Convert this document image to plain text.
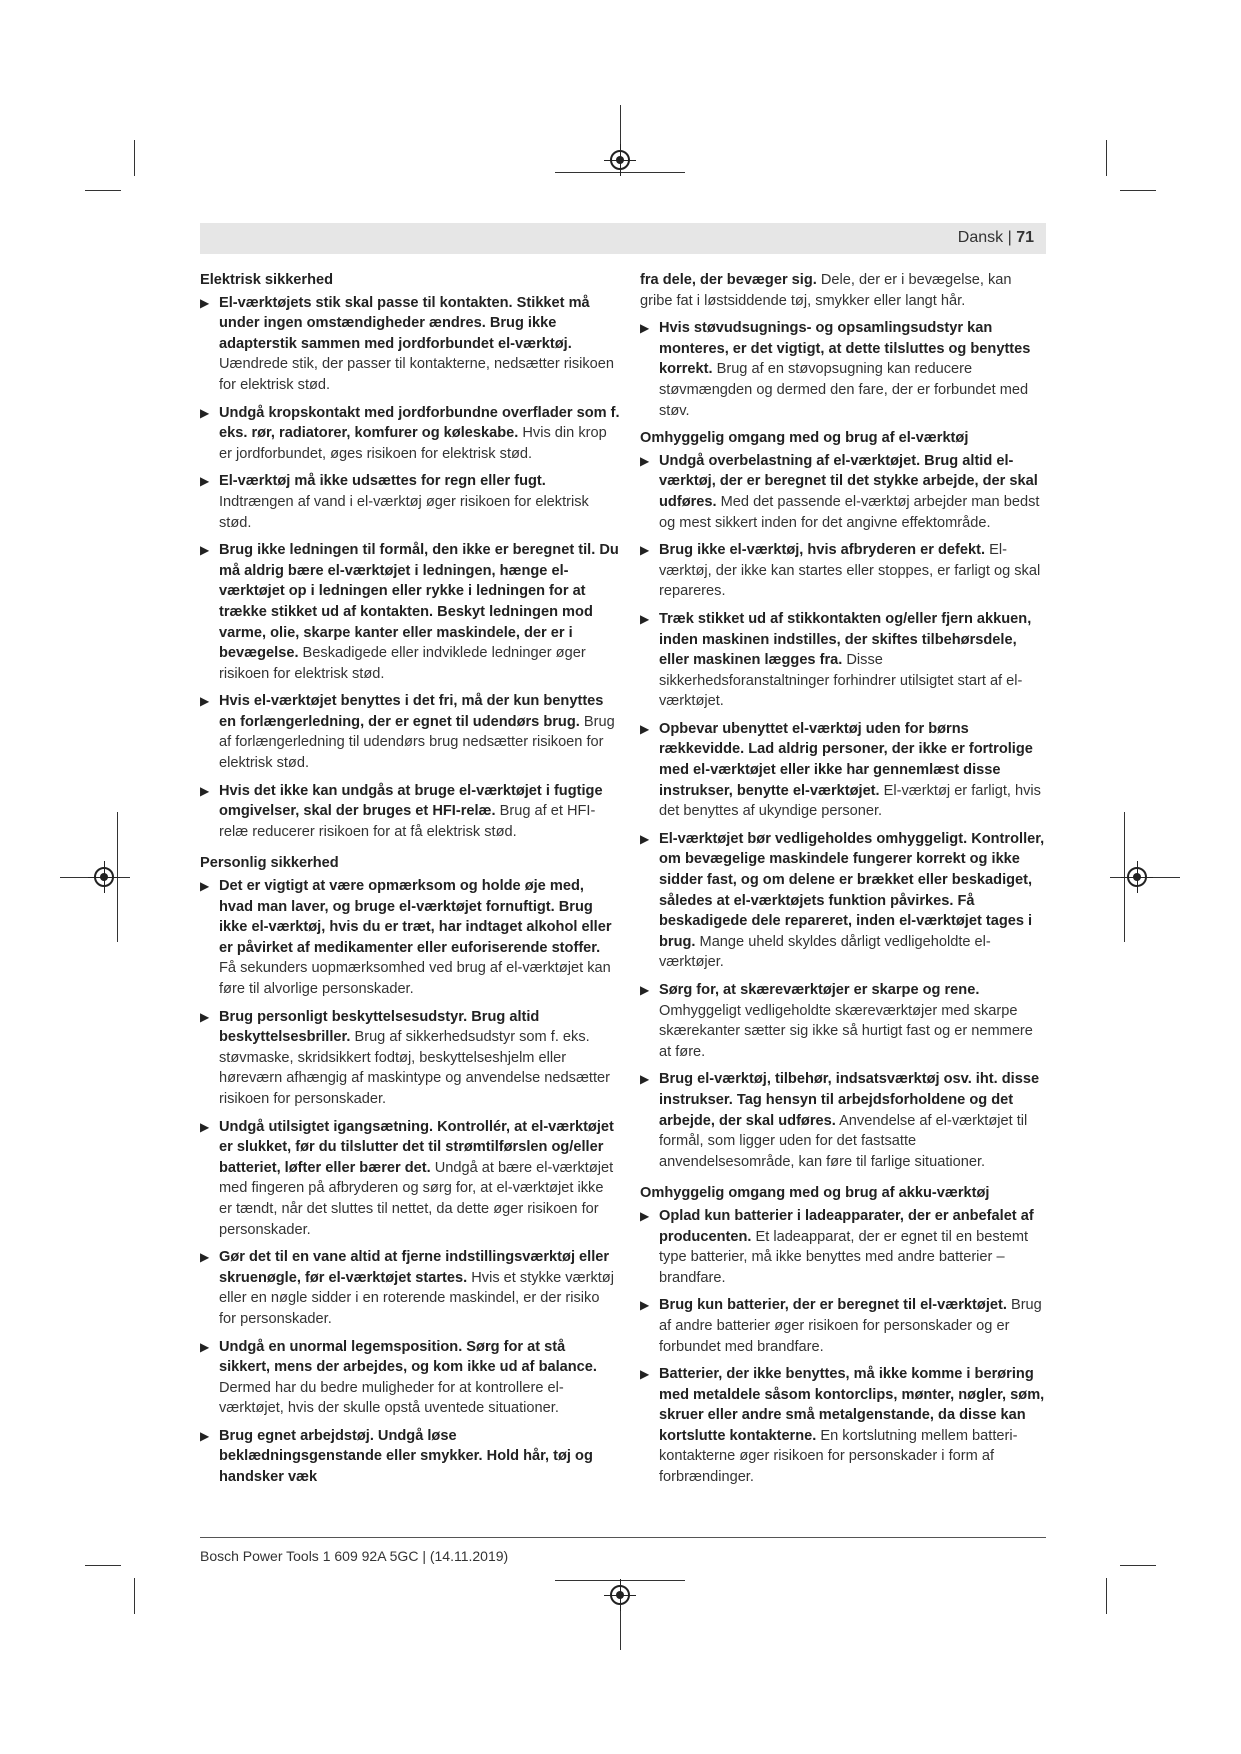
Dansk | 71
Elektrisk sikkerhed
▶ El-værktøjets stik skal passe til kontakten. Stikket må under ingen omstændigheder ændres. Brug ikke adapterstik sammen med jordforbundet el-værktøj. Uændrede stik, der passer til kontakterne, nedsætter risikoen for elektrisk stød.
▶ Undgå kropskontakt med jordforbundne overflader som f. eks. rør, radiatorer, komfurer og køleskabe. Hvis din krop er jordforbundet, øges risikoen for elektrisk stød.
▶ El-værktøj må ikke udsættes for regn eller fugt. Indtrængen af vand i el-værktøj øger risikoen for elektrisk stød.
▶ Brug ikke ledningen til formål, den ikke er beregnet til. Du må aldrig bære el-værktøjet i ledningen, hænge el-værktøjet op i ledningen eller rykke i ledningen for at trække stikket ud af kontakten. Beskyt ledningen mod varme, olie, skarpe kanter eller maskindele, der er i bevægelse. Beskadigede eller indviklede ledninger øger risikoen for elektrisk stød.
▶ Hvis el-værktøjet benyttes i det fri, må der kun benyttes en forlængerledning, der er egnet til udendørs brug. Brug af forlængerledning til udendørs brug nedsætter risikoen for elektrisk stød.
▶ Hvis det ikke kan undgås at bruge el-værktøjet i fugtige omgivelser, skal der bruges et HFI-relæ. Brug af et HFI-relæ reducerer risikoen for at få elektrisk stød.
Personlig sikkerhed
▶ Det er vigtigt at være opmærksom og holde øje med, hvad man laver, og bruge el-værktøjet fornuftigt. Brug ikke el-værktøj, hvis du er træt, har indtaget alkohol eller er påvirket af medikamenter eller euforiserende stoffer. Få sekunders uopmærksomhed ved brug af el-værktøjet kan føre til alvorlige personskader.
▶ Brug personligt beskyttelsesudstyr. Brug altid beskyttelsesbriller. Brug af sikkerhedsudstyr som f. eks. støvmaske, skridsikkert fodtøj, beskyttelseshjelm eller høreværn afhængig af maskintype og anvendelse nedsætter risikoen for personskader.
▶ Undgå utilsigtet igangsætning. Kontrollér, at el-værktøjet er slukket, før du tilslutter det til strømtilførslen og/eller batteriet, løfter eller bærer det. Undgå at bære el-værktøjet med fingeren på afbryderen og sørg for, at el-værktøjet ikke er tændt, når det sluttes til nettet, da dette øger risikoen for personskader.
▶ Gør det til en vane altid at fjerne indstillingsværktøj eller skruenøgle, før el-værktøjet startes. Hvis et stykke værktøj eller en nøgle sidder i en roterende maskindel, er der risiko for personskader.
▶ Undgå en unormal legemsposition. Sørg for at stå sikkert, mens der arbejdes, og kom ikke ud af balance. Dermed har du bedre muligheder for at kontrollere el-værktøjet, hvis der skulle opstå uventede situationer.
▶ Brug egnet arbejdstøj. Undgå løse beklædningsgenstande eller smykker. Hold hår, tøj og handsker væk
fra dele, der bevæger sig. Dele, der er i bevægelse, kan gribe fat i løstsiddende tøj, smykker eller langt hår.
▶ Hvis støvudsugnings- og opsamlingsudstyr kan monteres, er det vigtigt, at dette tilsluttes og benyttes korrekt. Brug af en støvopsugning kan reducere støvmængden og dermed den fare, der er forbundet med støv.
Omhyggelig omgang med og brug af el-værktøj
▶ Undgå overbelastning af el-værktøjet. Brug altid el-værktøj, der er beregnet til det stykke arbejde, der skal udføres. Med det passende el-værktøj arbejder man bedst og mest sikkert inden for det angivne effektområde.
▶ Brug ikke el-værktøj, hvis afbryderen er defekt. El-værktøj, der ikke kan startes eller stoppes, er farligt og skal repareres.
▶ Træk stikket ud af stikkontakten og/eller fjern akkuen, inden maskinen indstilles, der skiftes tilbehørsdele, eller maskinen lægges fra. Disse sikkerhedsforanstaltninger forhindrer utilsigtet start af el-værktøjet.
▶ Opbevar ubenyttet el-værktøj uden for børns rækkevidde. Lad aldrig personer, der ikke er fortrolige med el-værktøjet eller ikke har gennemlæst disse instrukser, benytte el-værktøjet. El-værktøj er farligt, hvis det benyttes af ukyndige personer.
▶ El-værktøjet bør vedligeholdes omhyggeligt. Kontroller, om bevægelige maskindele fungerer korrekt og ikke sidder fast, og om delene er brækket eller beskadiget, således at el-værktøjets funktion påvirkes. Få beskadigede dele repareret, inden el-værktøjet tages i brug. Mange uheld skyldes dårligt vedligeholdte el-værktøjer.
▶ Sørg for, at skæreværktøjer er skarpe og rene. Omhyggeligt vedligeholdte skæreværktøjer med skarpe skærekanter sætter sig ikke så hurtigt fast og er nemmere at føre.
▶ Brug el-værktøj, tilbehør, indsatsværktøj osv. iht. disse instrukser. Tag hensyn til arbejdsforholdene og det arbejde, der skal udføres. Anvendelse af el-værktøjet til formål, som ligger uden for det fastsatte anvendelsesområde, kan føre til farlige situationer.
Omhyggelig omgang med og brug af akku-værktøj
▶ Oplad kun batterier i ladeapparater, der er anbefalet af producenten. Et ladeapparat, der er egnet til en bestemt type batterier, må ikke benyttes med andre batterier – brandfare.
▶ Brug kun batterier, der er beregnet til el-værktøjet. Brug af andre batterier øger risikoen for personskader og er forbundet med brandfare.
▶ Batterier, der ikke benyttes, må ikke komme i berøring med metaldele såsom kontorclips, mønter, nøgler, søm, skruer eller andre små metalgenstande, da disse kan kortslutte kontakterne. En kortslutning mellem batteri-kontakterne øger risikoen for personskader i form af forbrændinger.
Bosch Power Tools 1 609 92A 5GC | (14.11.2019)
